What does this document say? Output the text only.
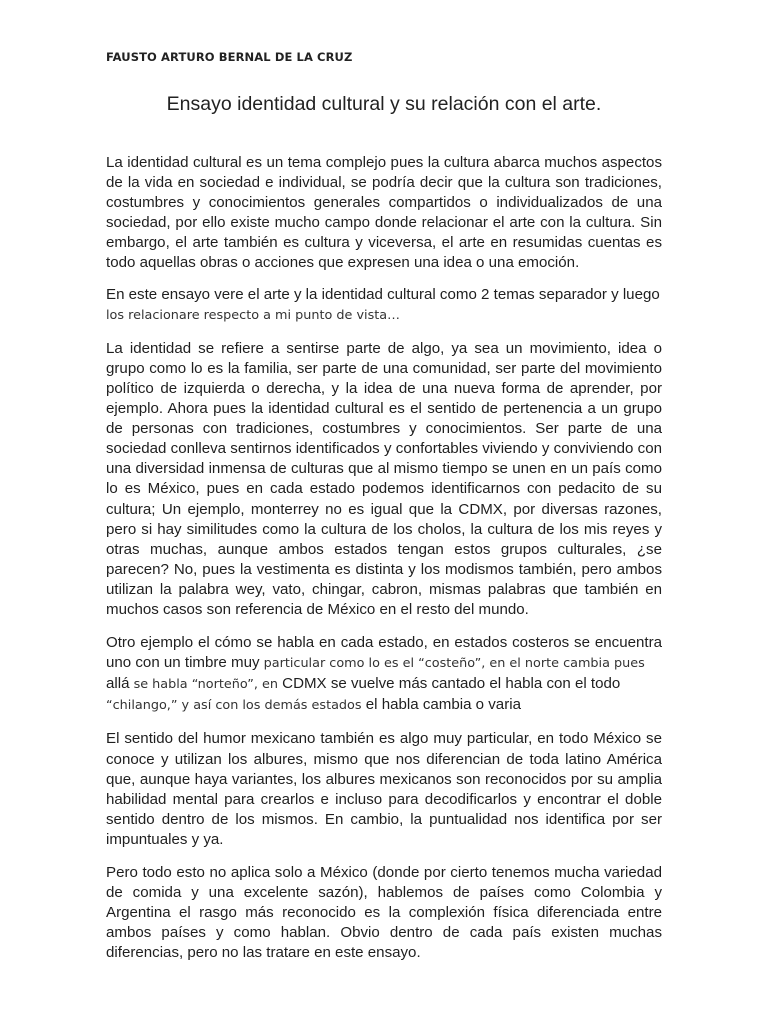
FAUSTO ARTURO BERNAL DE LA CRUZ
Ensayo identidad cultural y su relación con el arte.

La identidad cultural es un tema complejo pues la cultura abarca muchos aspectos de la vida en sociedad e individual, se podría decir que la cultura son tradiciones, costumbres y conocimientos generales compartidos o individualizados de una sociedad, por ello existe mucho campo donde relacionar el arte con la cultura. Sin embargo, el arte también es cultura y viceversa, el arte en resumidas cuentas es todo aquellas obras o acciones que expresen una idea o una emoción.

En este ensayo vere el arte y la identidad cultural como 2 temas separador y luego
los relacionare respecto a mi punto de vista…

La identidad se refiere a sentirse parte de algo, ya sea un movimiento, idea o grupo como lo es la familia, ser parte de una comunidad, ser parte del movimiento político de izquierda o derecha, y la idea de una nueva forma de aprender, por ejemplo. Ahora pues la identidad cultural es el sentido de pertenencia a un grupo de personas con tradiciones, costumbres y conocimientos. Ser parte de una sociedad conlleva sentirnos identificados y confortables viviendo y conviviendo con una diversidad inmensa de culturas que al mismo tiempo se unen en un país como lo es México, pues en cada estado podemos identificarnos con pedacito de su cultura; Un ejemplo, monterrey no es igual que la CDMX, por diversas razones, pero si hay similitudes como la cultura de los cholos, la cultura de los mis reyes y otras muchas, aunque ambos estados tengan estos grupos culturales, ¿se parecen? No, pues la vestimenta es distinta y los modismos también, pero ambos utilizan la palabra wey, vato, chingar, cabron, mismas palabras que también en muchos casos son referencia de México en el resto del mundo.

Otro ejemplo el cómo se habla en cada estado, en estados costeros se encuentra uno con un timbre muy particular como lo es el “costeño”, en el norte cambia pues
allá se habla “norteño”, en CDMX se vuelve más cantado el habla con el todo
“chilango,” y así con los demás estados el habla cambia o varia

El sentido del humor mexicano también es algo muy particular, en todo México se conoce y utilizan los albures, mismo que nos diferencian de toda latino América que, aunque haya variantes, los albures mexicanos son reconocidos por su amplia habilidad mental para crearlos e incluso para decodificarlos y encontrar el doble sentido dentro de los mismos. En cambio, la puntualidad nos identifica por ser impuntuales y ya.

Pero todo esto no aplica solo a México (donde por cierto tenemos mucha variedad de comida y una excelente sazón), hablemos de países como Colombia y Argentina el rasgo más reconocido es la complexión física diferenciada entre ambos países y como hablan. Obvio dentro de cada país existen muchas diferencias, pero no las tratare en este ensayo.
